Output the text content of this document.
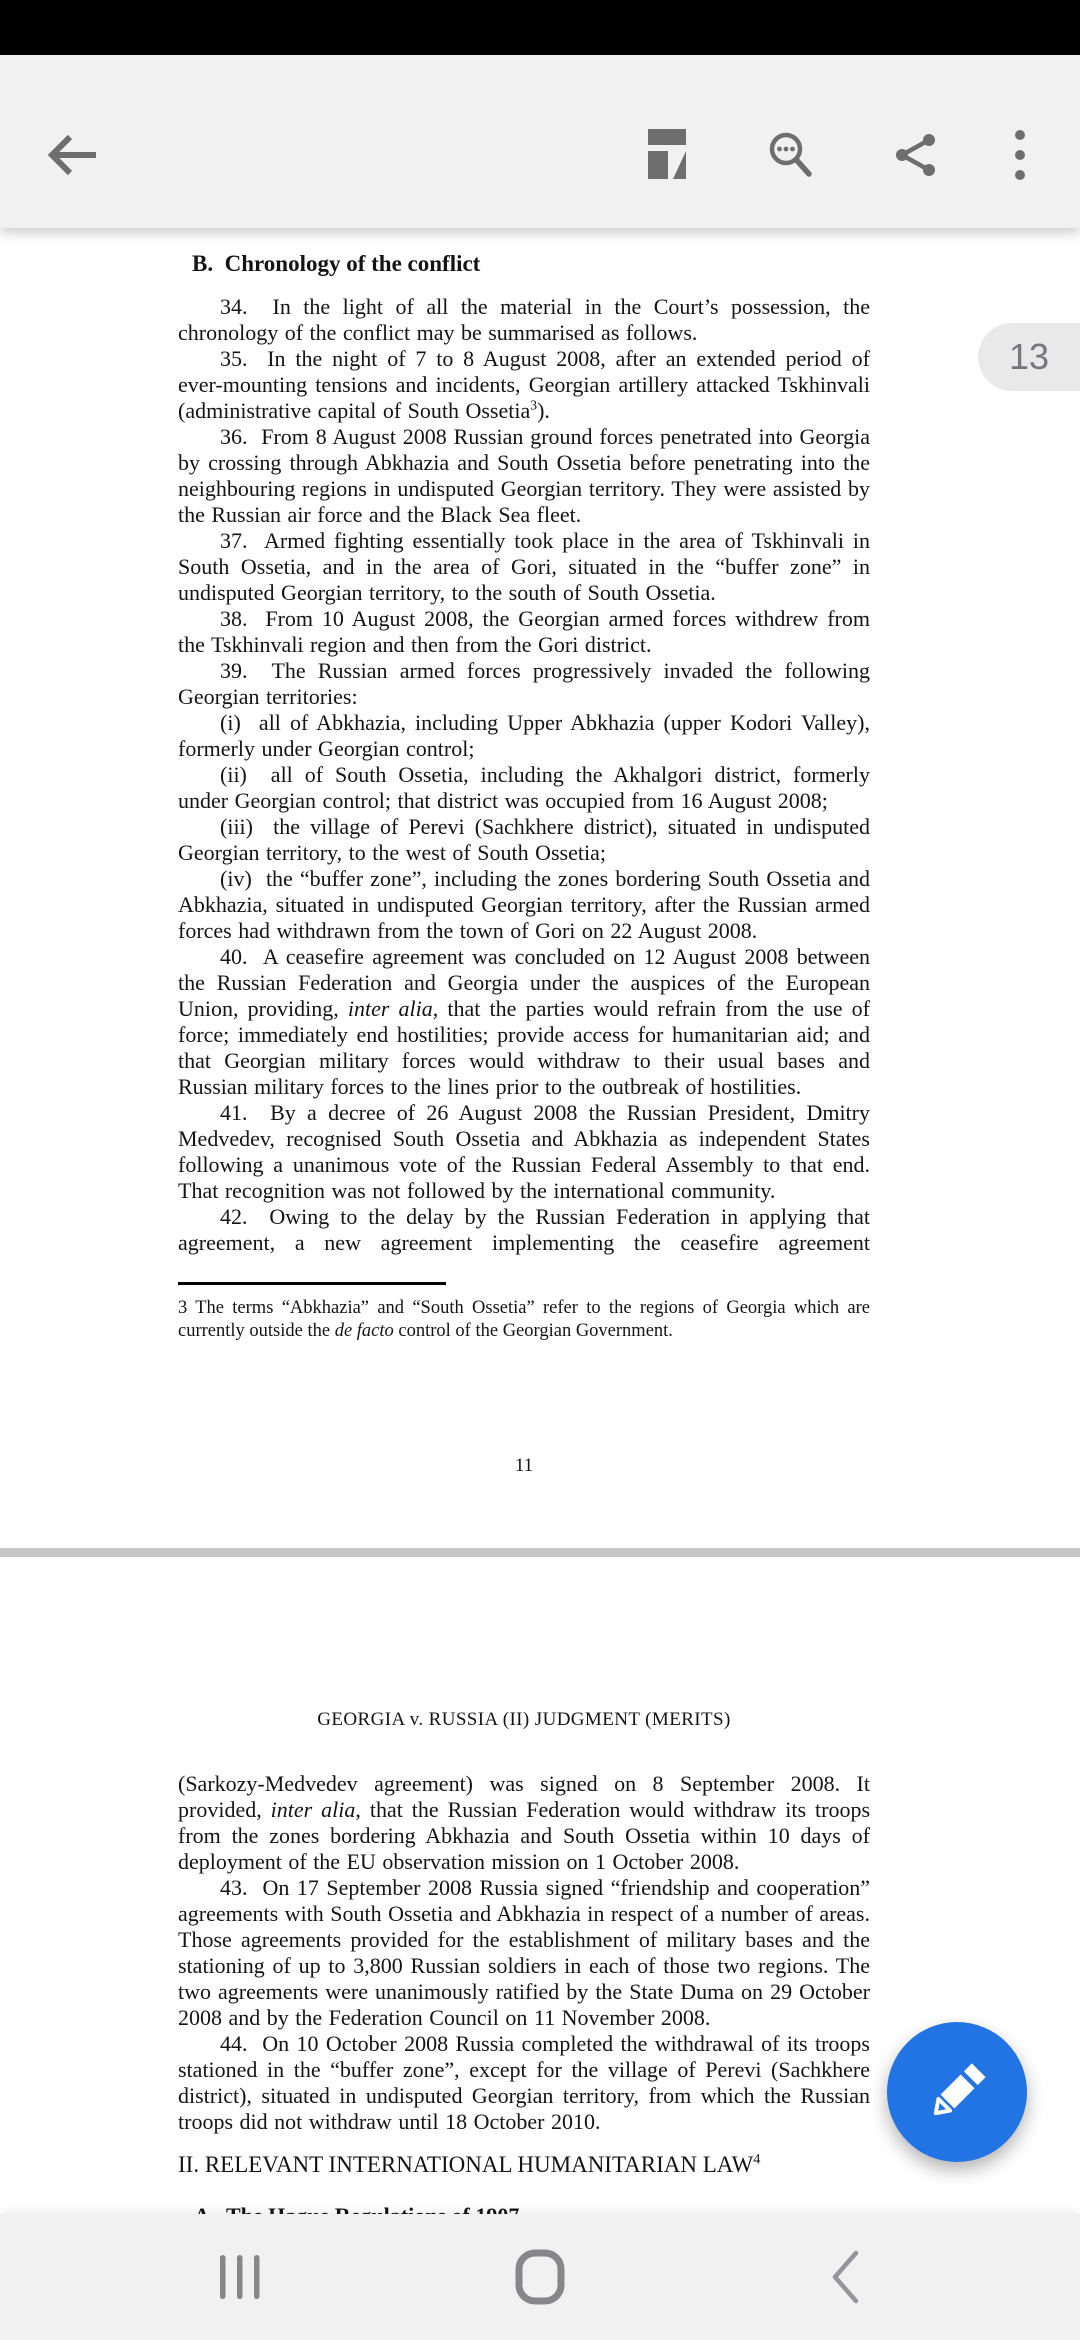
B.  Chronology of the conflict

34.  In the light of all the material in the Court’s possession, the chronology of the conflict may be summarised as follows.

35.  In the night of 7 to 8 August 2008, after an extended period of ever-mounting tensions and incidents, Georgian artillery attacked Tskhinvali (administrative capital of South Ossetia$^3$).

36.  From 8 August 2008 Russian ground forces penetrated into Georgia by crossing through Abkhazia and South Ossetia before penetrating into the neighbouring regions in undisputed Georgian territory. They were assisted by the Russian air force and the Black Sea fleet.

37.  Armed fighting essentially took place in the area of Tskhinvali in South Ossetia, and in the area of Gori, situated in the “buffer zone” in undisputed Georgian territory, to the south of South Ossetia.

38.  From 10 August 2008, the Georgian armed forces withdrew from the Tskhinvali region and then from the Gori district.

39.  The Russian armed forces progressively invaded the following Georgian territories:

(i)  all of Abkhazia, including Upper Abkhazia (upper Kodori Valley), formerly under Georgian control;

(ii)  all of South Ossetia, including the Akhalgori district, formerly under Georgian control; that district was occupied from 16 August 2008;

(iii)  the village of Perevi (Sachkhere district), situated in undisputed Georgian territory, to the west of South Ossetia;

(iv)  the “buffer zone”, including the zones bordering South Ossetia and Abkhazia, situated in undisputed Georgian territory, after the Russian armed forces had withdrawn from the town of Gori on 22 August 2008.

40.  A ceasefire agreement was concluded on 12 August 2008 between the Russian Federation and Georgia under the auspices of the European Union, providing, inter alia, that the parties would refrain from the use of force; immediately end hostilities; provide access for humanitarian aid; and that Georgian military forces would withdraw to their usual bases and Russian military forces to the lines prior to the outbreak of hostilities.

41.  By a decree of 26 August 2008 the Russian President, Dmitry Medvedev, recognised South Ossetia and Abkhazia as independent States following a unanimous vote of the Russian Federal Assembly to that end. That recognition was not followed by the international community.

42.  Owing to the delay by the Russian Federation in applying that agreement, a new agreement implementing the ceasefire agreement

3 The terms “Abkhazia” and “South Ossetia” refer to the regions of Georgia which are currently outside the de facto control of the Georgian Government.
11
GEORGIA v. RUSSIA (II) JUDGMENT (MERITS)

(Sarkozy-Medvedev agreement) was signed on 8 September 2008. It provided, inter alia, that the Russian Federation would withdraw its troops from the zones bordering Abkhazia and South Ossetia within 10 days of deployment of the EU observation mission on 1 October 2008.

43.  On 17 September 2008 Russia signed “friendship and cooperation” agreements with South Ossetia and Abkhazia in respect of a number of areas. Those agreements provided for the establishment of military bases and the stationing of up to 3,800 Russian soldiers in each of those two regions. The two agreements were unanimously ratified by the State Duma on 29 October 2008 and by the Federation Council on 11 November 2008.

44.  On 10 October 2008 Russia completed the withdrawal of its troops stationed in the “buffer zone”, except for the village of Perevi (Sachkhere district), situated in undisputed Georgian territory, from which the Russian troops did not withdraw until 18 October 2010.

II. RELEVANT INTERNATIONAL HUMANITARIAN LAW$^4$
13
